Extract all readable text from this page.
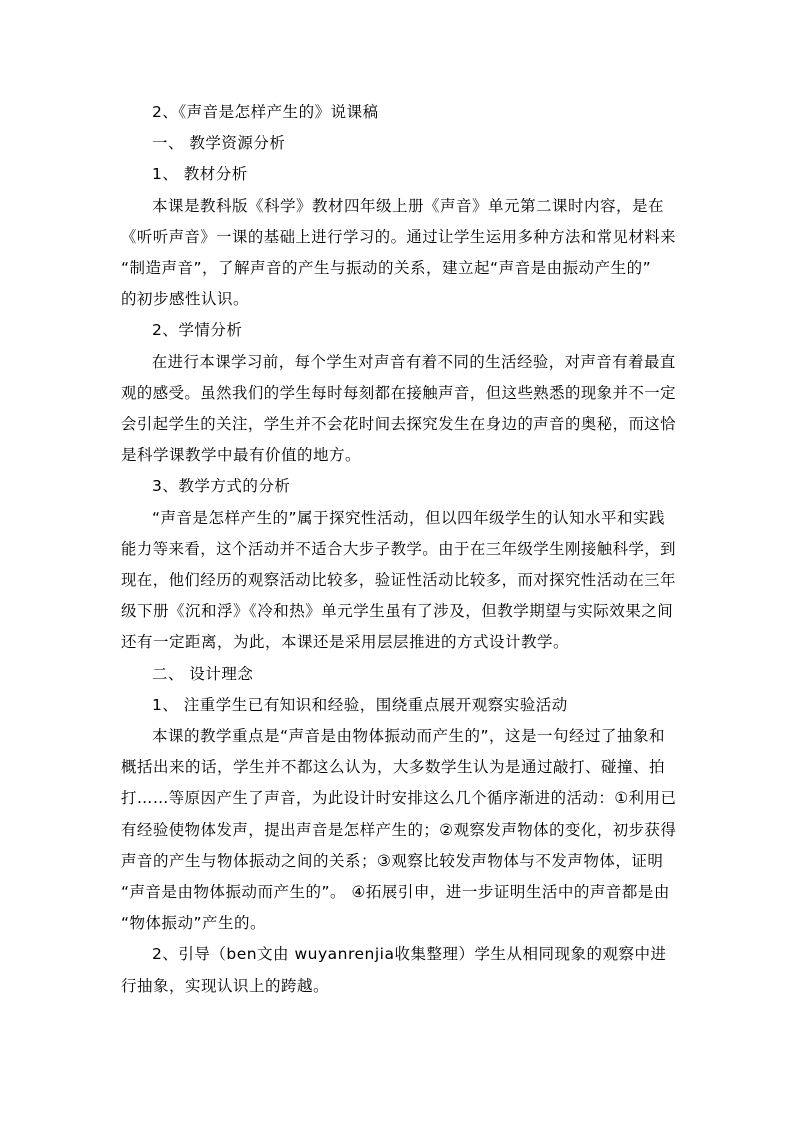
2、《声音是怎样产生的》说课稿
一、 教学资源分析
1、 教材分析
本课是教科版《科学》教材四年级上册《声音》单元第二课时内容，是在
《听听声音》一课的基础上进行学习的。通过让学生运用多种方法和常见材料来
“制造声音”，了解声音的产生与振动的关系，建立起“声音是由振动产生的”
的初步感性认识。
2、学情分析
在进行本课学习前，每个学生对声音有着不同的生活经验，对声音有着最直
观的感受。虽然我们的学生每时每刻都在接触声音，但这些熟悉的现象并不一定
会引起学生的关注，学生并不会花时间去探究发生在身边的声音的奥秘，而这恰
是科学课教学中最有价值的地方。
3、教学方式的分析
“声音是怎样产生的”属于探究性活动，但以四年级学生的认知水平和实践
能力等来看，这个活动并不适合大步子教学。由于在三年级学生刚接触科学，到
现在，他们经历的观察活动比较多，验证性活动比较多，而对探究性活动在三年
级下册《沉和浮》《冷和热》单元学生虽有了涉及，但教学期望与实际效果之间
还有一定距离，为此，本课还是采用层层推进的方式设计教学。
二、 设计理念
1、 注重学生已有知识和经验，围绕重点展开观察实验活动
本课的教学重点是“声音是由物体振动而产生的”，这是一句经过了抽象和
概括出来的话，学生并不都这么认为，大多数学生认为是通过敲打、碰撞、拍
打……等原因产生了声音，为此设计时安排这么几个循序渐进的活动：①利用已
有经验使物体发声，提出声音是怎样产生的；②观察发声物体的变化，初步获得
声音的产生与物体振动之间的关系；③观察比较发声物体与不发声物体，证明
“声音是由物体振动而产生的”。 ④拓展引申，进一步证明生活中的声音都是由
“物体振动”产生的。
2、引导（ben文由 wuyanrenjia收集整理）学生从相同现象的观察中进
行抽象，实现认识上的跨越。
